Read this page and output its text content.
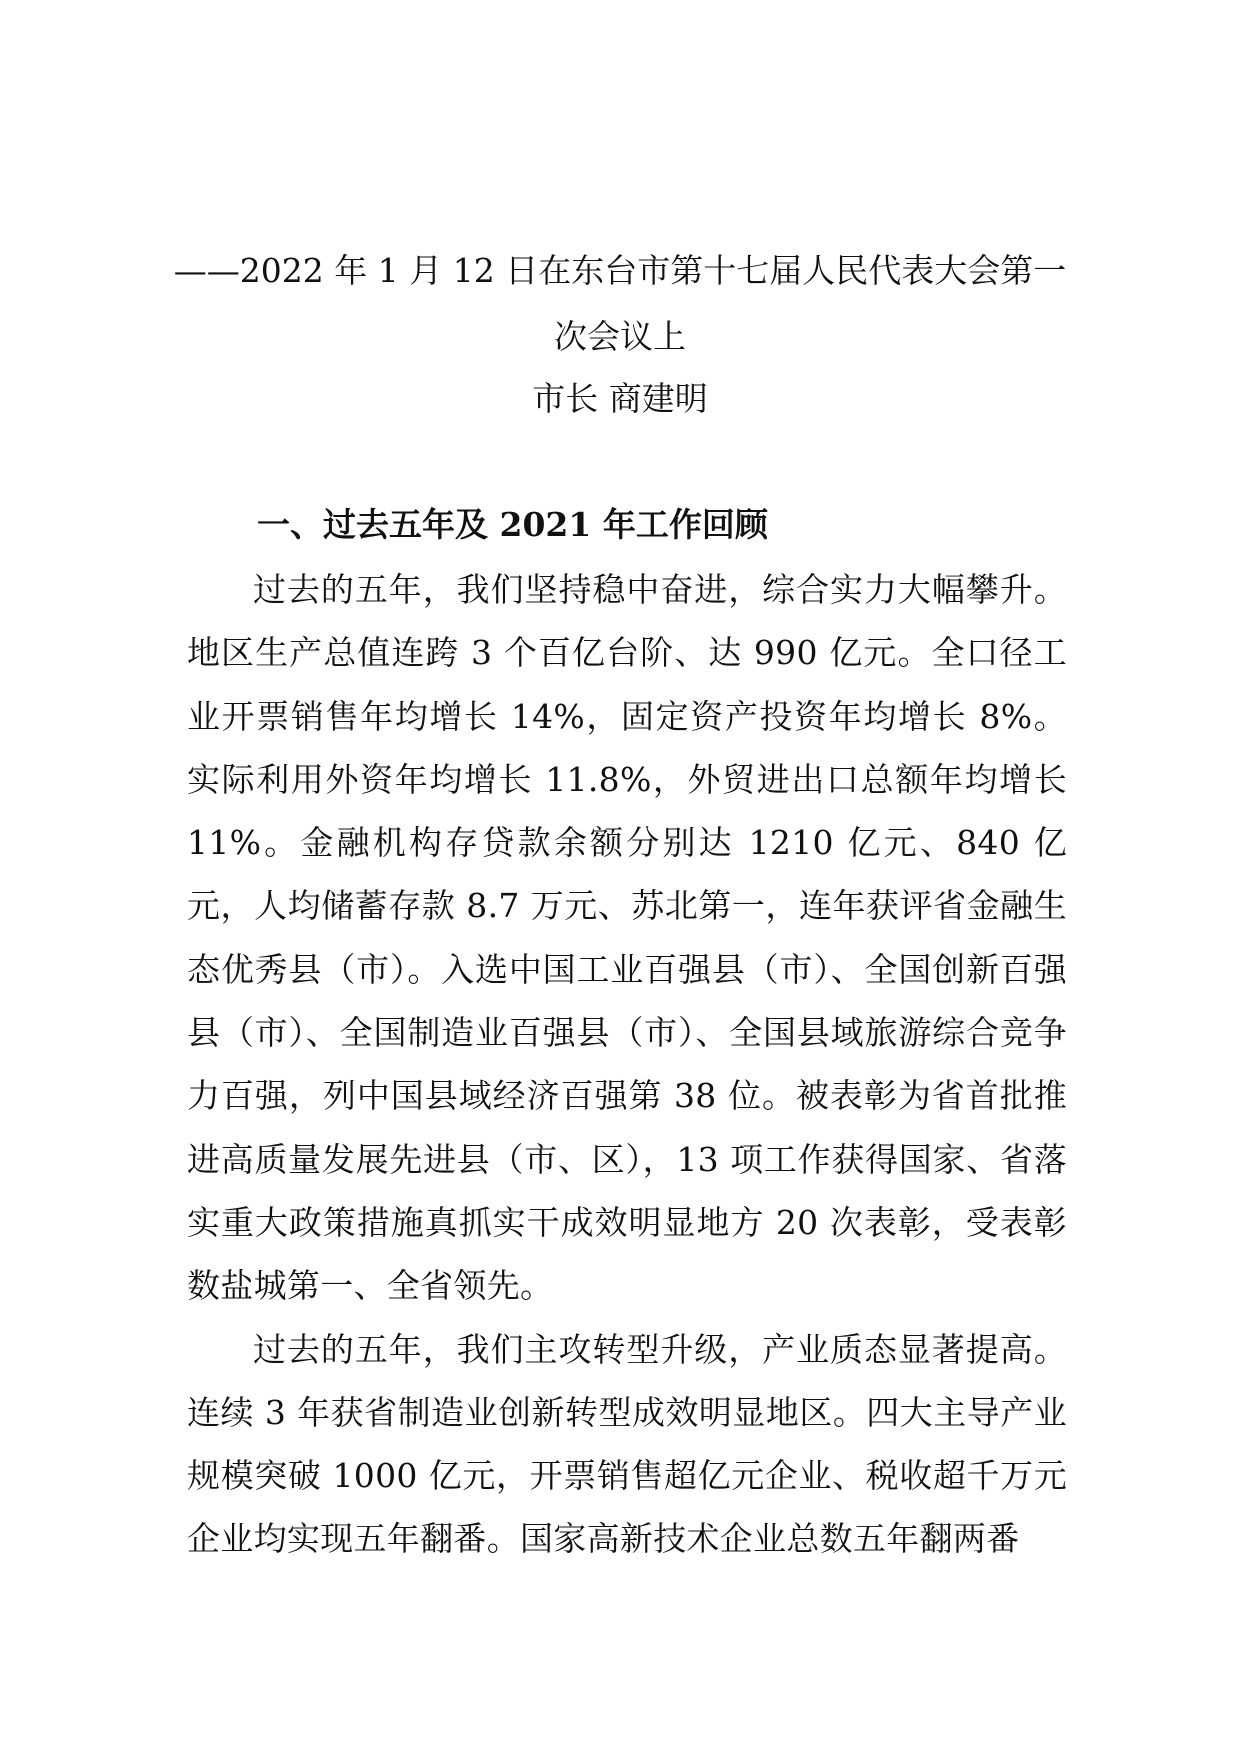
——2022 年 1 月 12 日在东台市第十七届人民代表大会第一
次会议上
市长 商建明
一、过去五年及 2021 年工作回顾

过去的五年，我们坚持稳中奋进，综合实力大幅攀升。地区生产总值连跨 3 个百亿台阶、达 990 亿元。全口径工业开票销售年均增长 14%，固定资产投资年均增长 8%。实际利用外资年均增长 11.8%，外贸进出口总额年均增长 11%。金融机构存贷款余额分别达 1210 亿元、840 亿元，人均储蓄存款 8.7 万元、苏北第一，连年获评省金融生态优秀县（市）。入选中国工业百强县（市）、全国创新百强县（市）、全国制造业百强县（市）、全国县域旅游综合竞争力百强，列中国县域经济百强第 38 位。被表彰为省首批推进高质量发展先进县（市、区），13 项工作获得国家、省落实重大政策措施真抓实干成效明显地方 20 次表彰，受表彰数盐城第一、全省领先。

过去的五年，我们主攻转型升级，产业质态显著提高。连续 3 年获省制造业创新转型成效明显地区。四大主导产业规模突破 1000 亿元，开票销售超亿元企业、税收超千万元企业均实现五年翻番。国家高新技术企业总数五年翻两番
